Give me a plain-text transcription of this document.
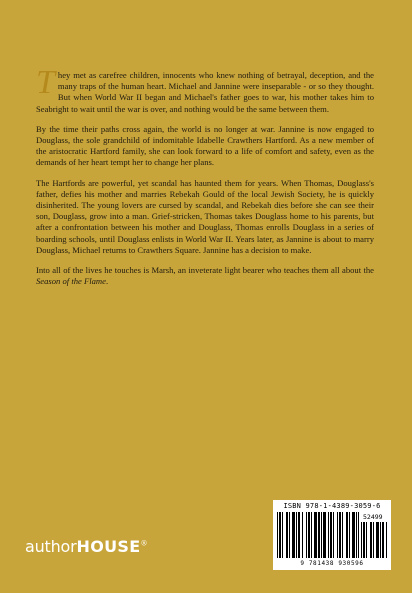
They met as carefree children, innocents who knew nothing of betrayal, deception, and the many traps of the human heart. Michael and Jannine were inseparable - or so they thought. But when World War II began and Michael's father goes to war, his mother takes him to Seabright to wait until the war is over, and nothing would be the same between them.

By the time their paths cross again, the world is no longer at war. Jannine is now engaged to Douglass, the sole grandchild of indomitable Idabelle Crawthers Hartford. As a new member of the aristocratic Hartford family, she can look forward to a life of comfort and safety, even as the demands of her heart tempt her to change her plans.

The Hartfords are powerful, yet scandal has haunted them for years. When Thomas, Douglass's father, defies his mother and marries Rebekah Gould of the local Jewish Society, he is quickly disinherited. The young lovers are cursed by scandal, and Rebekah dies before she can see their son, Douglass, grow into a man. Grief-stricken, Thomas takes Douglass home to his parents, but after a confrontation between his mother and Douglass, Thomas enrolls Douglass in a series of boarding schools, until Douglass enlists in World War II. Years later, as Jannine is about to marry Douglass, Michael returns to Crawthers Square. Jannine has a decision to make.

Into all of the lives he touches is Marsh, an inveterate light bearer who teaches them all about the Season of the Flame.

authorHOUSE®
ISBN 978-1-4389-3059-6
52499
9 781438 930596
